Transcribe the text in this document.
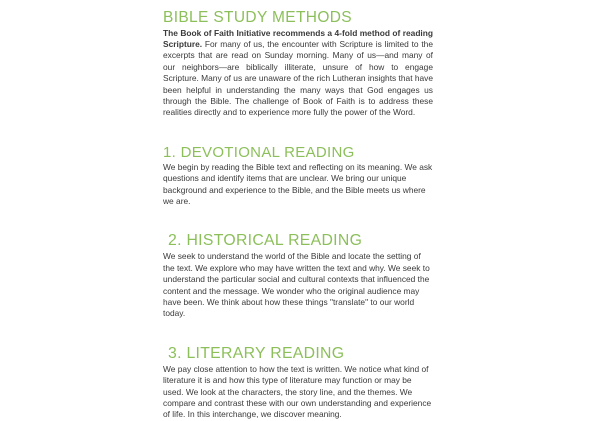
BIBLE STUDY METHODS

The Book of Faith Initiative recommends a 4-fold method of reading Scripture. For many of us, the encounter with Scripture is limited to the excerpts that are read on Sunday morning. Many of us—and many of our neighbors—are biblically illiterate, unsure of how to engage Scripture. Many of us are unaware of the rich Lutheran insights that have been helpful in understanding the many ways that God engages us through the Bible. The challenge of Book of Faith is to address these realities directly and to experience more fully the power of the Word.

1. DEVOTIONAL READING

We begin by reading the Bible text and reflecting on its meaning. We ask questions and identify items that are unclear. We bring our unique background and experience to the Bible, and the Bible meets us where we are.

2. HISTORICAL READING

We seek to understand the world of the Bible and locate the setting of the text. We explore who may have written the text and why. We seek to understand the particular social and cultural contexts that influenced the content and the message. We wonder who the original audience may have been. We think about how these things "translate" to our world today.

3. LITERARY READING

We pay close attention to how the text is written. We notice what kind of literature it is and how this type of literature may function or may be used. We look at the characters, the story line, and the themes. We compare and contrast these with our own understanding and experience of life. In this interchange, we discover meaning.
